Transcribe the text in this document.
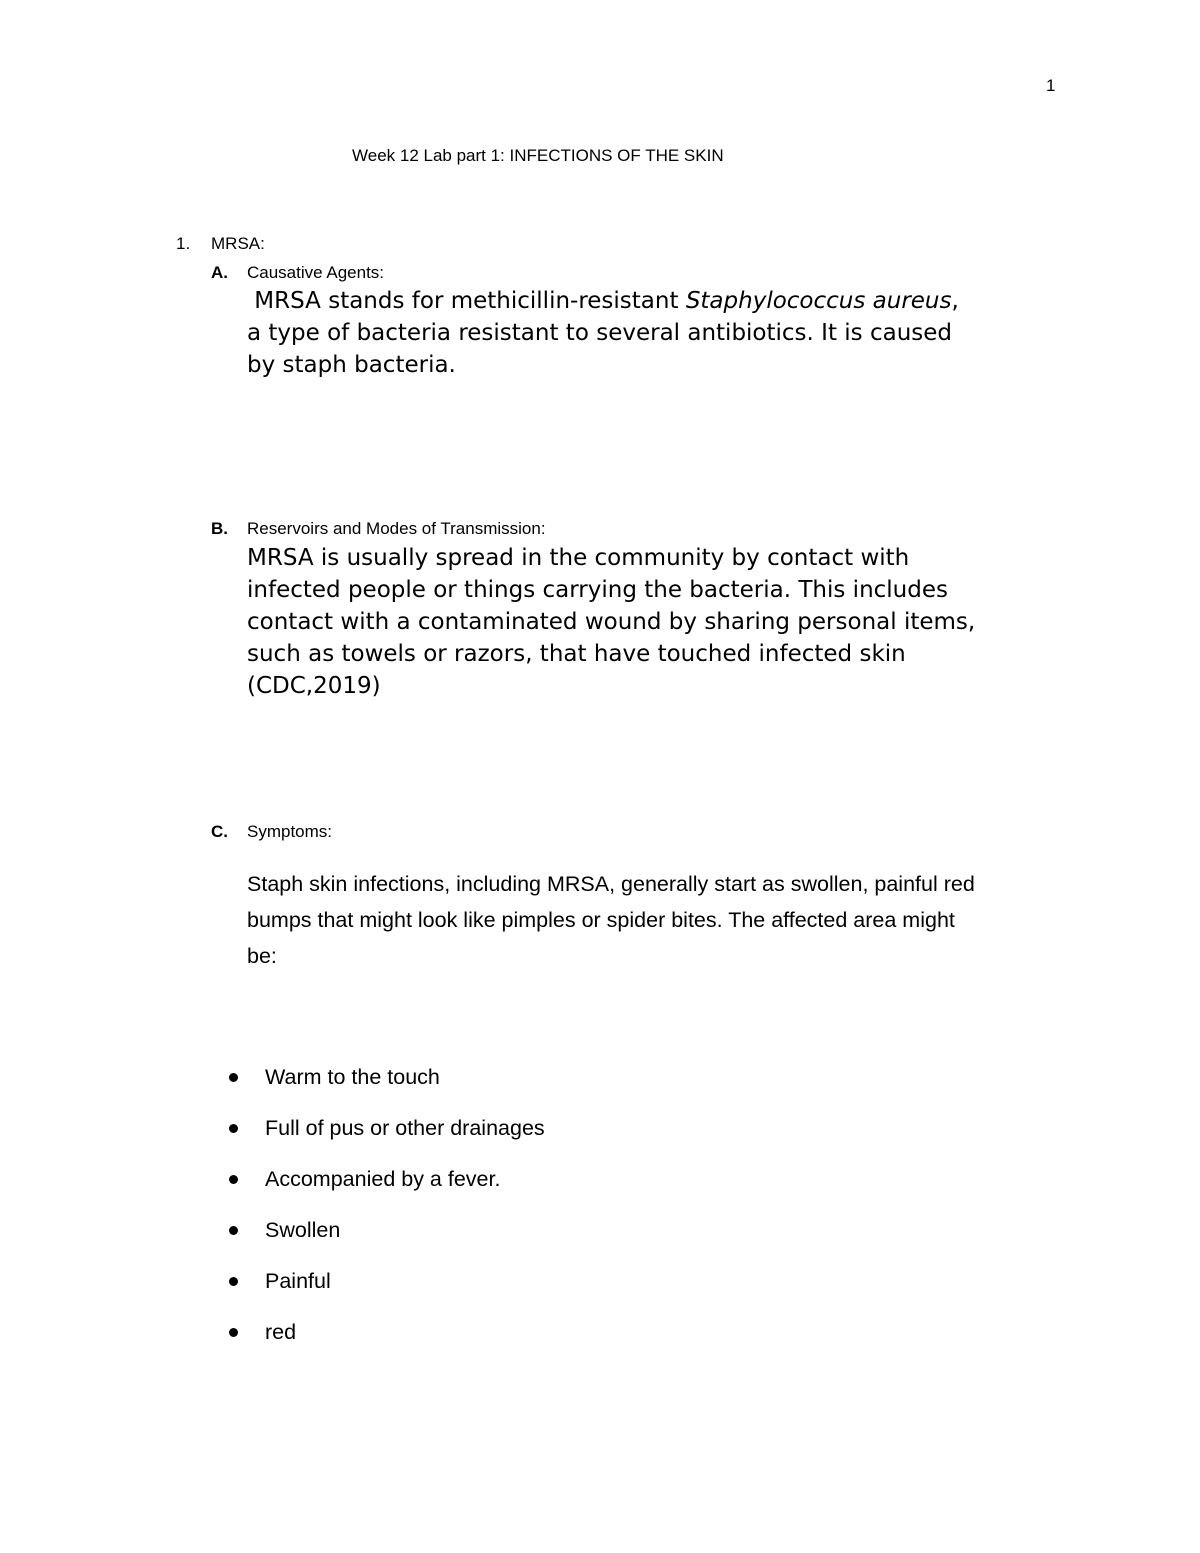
1
Week 12 Lab part 1: INFECTIONS OF THE SKIN
1. MRSA:
A. Causative Agents:
MRSA stands for methicillin-resistant Staphylococcus aureus,
a type of bacteria resistant to several antibiotics. It is caused
by staph bacteria.
B. Reservoirs and Modes of Transmission:
MRSA is usually spread in the community by contact with
infected people or things carrying the bacteria. This includes
contact with a contaminated wound by sharing personal items,
such as towels or razors, that have touched infected skin
(CDC,2019)
C. Symptoms:
Staph skin infections, including MRSA, generally start as swollen, painful red
bumps that might look like pimples or spider bites. The affected area might
be:
Warm to the touch
Full of pus or other drainages
Accompanied by a fever.
Swollen
Painful
red
